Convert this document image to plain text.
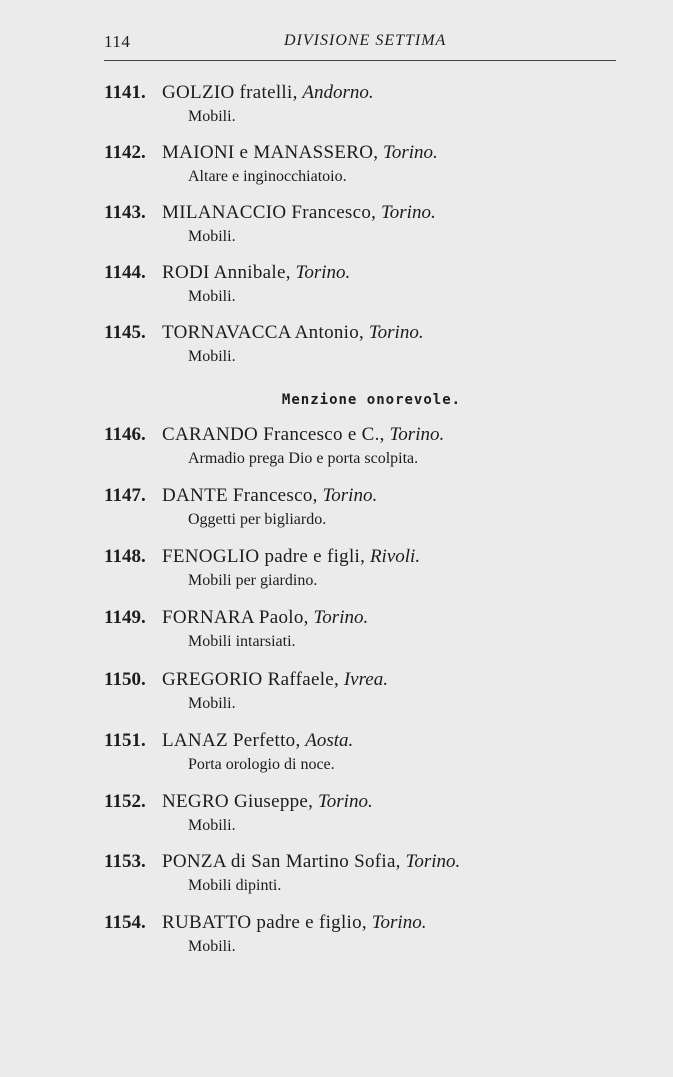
114	DIVISIONE SETTIMA
1141. GOLZIO fratelli, Andorno.
Mobili.
1142. MAIONI e MANASSERO, Torino.
Altare e inginocchiatoio.
1143. MILANACCIO Francesco, Torino.
Mobili.
1144. RODI Annibale, Torino.
Mobili.
1145. TORNAVACCA Antonio, Torino.
Mobili.
Menzione onorevole.
1146. CARANDO Francesco e C., Torino.
Armadio prega Dio e porta scolpita.
1147. DANTE Francesco, Torino.
Oggetti per bigliardo.
1148. FENOGLIO padre e figli, Rivoli.
Mobili per giardino.
1149. FORNARA Paolo, Torino.
Mobili intarsiati.
1150. GREGORIO Raffaele, Ivrea.
Mobili.
1151. LANAZ Perfetto, Aosta.
Porta orologio di noce.
1152. NEGRO Giuseppe, Torino.
Mobili.
1153. PONZA di San Martino Sofia, Torino.
Mobili dipinti.
1154. RUBATTO padre e figlio, Torino.
Mobili.
